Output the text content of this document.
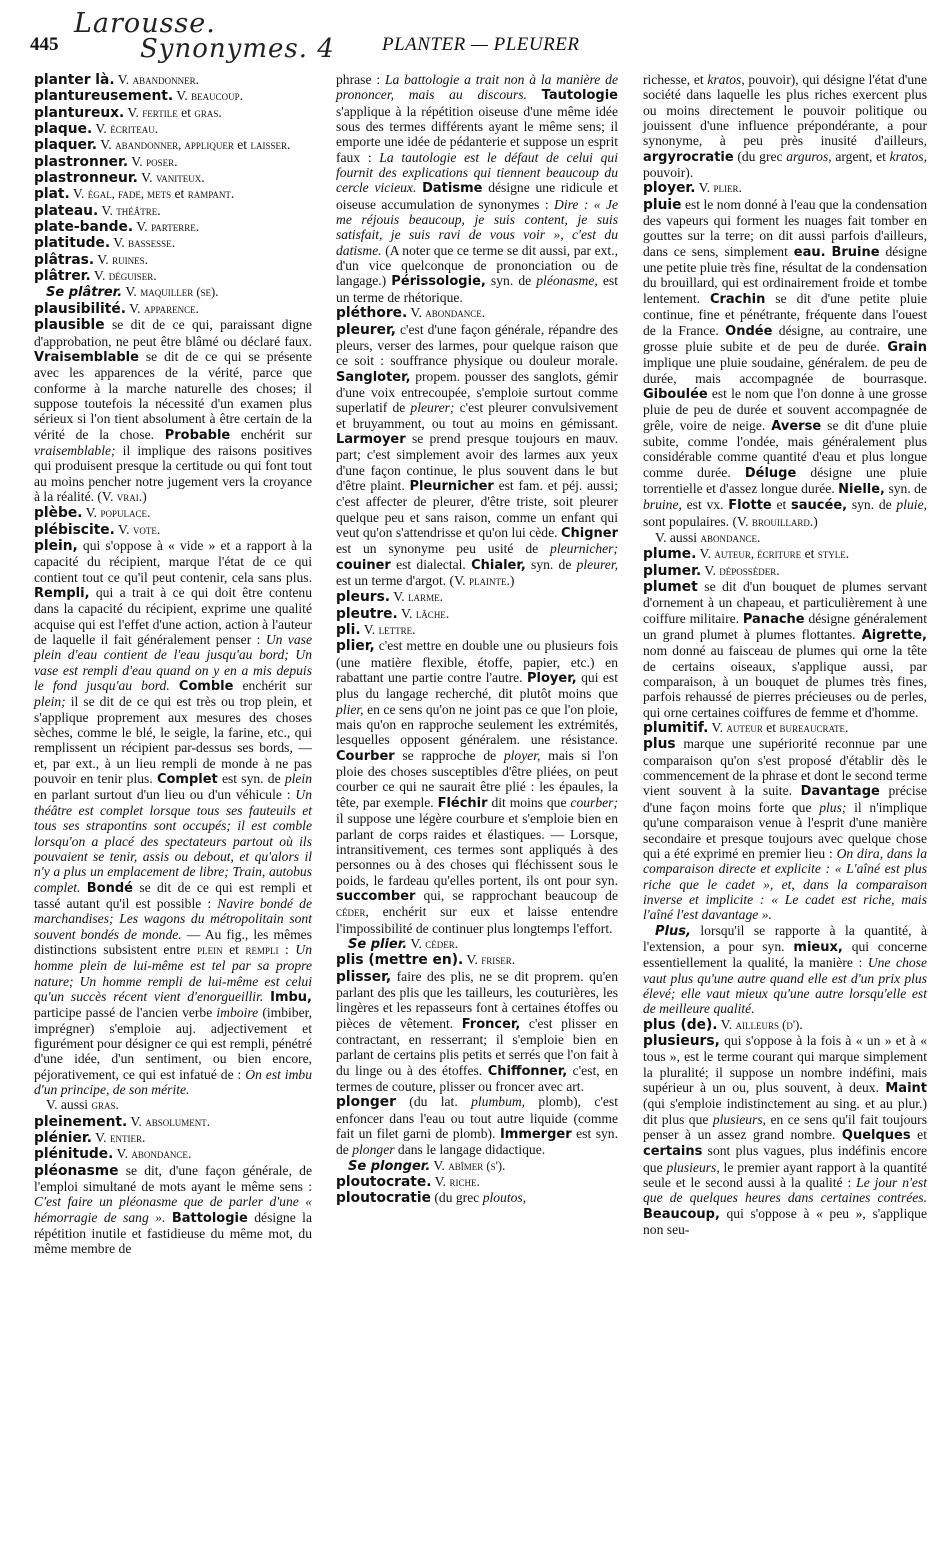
445
Larousse.
Synonymes. 4 PLANTER — PLEURER

planter là. V. abandonner.

plantureusement. V. beaucoup.

plantureux. V. fertile et gras.

plaque. V. écriteau.

plaquer. V. abandonner, appliquer et laisser.

plastronner. V. poser.

plastronneur. V. vaniteux.

plat. V. égal, fade, mets et rampant.

plateau. V. théâtre.

plate-bande. V. parterre.

platitude. V. bassesse.

plâtras. V. ruines.

plâtrer. V. déguiser.

Se plâtrer. V. maquiller (se).

plausibilité. V. apparence.

plausible se dit de ce qui, paraissant digne d'approbation, ne peut être blâmé ou déclaré faux. Vraisemblable se dit de ce qui se présente avec les apparences de la vérité, parce que conforme à la marche naturelle des choses; il suppose toutefois la nécessité d'un examen plus sérieux si l'on tient absolument à être certain de la vérité de la chose. Probable enchérit sur vraisemblable; il implique des raisons positives qui produisent presque la certitude ou qui font tout au moins pencher notre jugement vers la croyance à la réalité. (V. vrai.)

plèbe. V. populace.

plébiscite. V. vote.

plein, qui s'oppose à « vide » et a rapport à la capacité du récipient, marque l'état de ce qui contient tout ce qu'il peut contenir, cela sans plus. Rempli, qui a trait à ce qui doit être contenu dans la capacité du récipient, exprime une qualité acquise qui est l'effet d'une action, action à l'auteur de laquelle il fait généralement penser : Un vase plein d'eau contient de l'eau jusqu'au bord; Un vase est rempli d'eau quand on y en a mis depuis le fond jusqu'au bord. Comble enchérit sur plein; il se dit de ce qui est très ou trop plein, et s'applique proprement aux mesures des choses sèches, comme le blé, le seigle, la farine, etc., qui remplissent un récipient par-dessus ses bords, — et, par ext., à un lieu rempli de monde à ne pas pouvoir en tenir plus. Complet est syn. de plein en parlant surtout d'un lieu ou d'un véhicule : Un théâtre est complet lorsque tous ses fauteuils et tous ses strapontins sont occupés; il est comble lorsqu'on a placé des spectateurs partout où ils pouvaient se tenir, assis ou debout, et qu'alors il n'y a plus un emplacement de libre; Train, autobus complet. Bondé se dit de ce qui est rempli et tassé autant qu'il est possible : Navire bondé de marchandises; Les wagons du métropolitain sont souvent bondés de monde. — Au fig., les mêmes distinctions subsistent entre plein et rempli : Un homme plein de lui-même est tel par sa propre nature; Un homme rempli de lui-même est celui qu'un succès récent vient d'enorgueillir. Imbu, participe passé de l'ancien verbe imboire (imbiber, imprégner) s'emploie auj. adjectivement et figurément pour désigner ce qui est rempli, pénétré d'une idée, d'un sentiment, ou bien encore, péjorativement, ce qui est infatué de : On est imbu d'un principe, de son mérite.

V. aussi gras.

pleinement. V. absolument.

plénier. V. entier.

plénitude. V. abondance.

pléonasme se dit, d'une façon générale, de l'emploi simultané de mots ayant le même sens : C'est faire un pléonasme que de parler d'une « hémorragie de sang ». Battologie désigne la répétition inutile et fastidieuse du même mot, du même membre de

phrase : La battologie a trait non à la manière de prononcer, mais au discours. Tautologie s'applique à la répétition oiseuse d'une même idée sous des termes différents ayant le même sens; il emporte une idée de pédanterie et suppose un esprit faux : La tautologie est le défaut de celui qui fournit des explications qui tiennent beaucoup du cercle vicieux. Datisme désigne une ridicule et oiseuse accumulation de synonymes : Dire : « Je me réjouis beaucoup, je suis content, je suis satisfait, je suis ravi de vous voir », c'est du datisme. (A noter que ce terme se dit aussi, par ext., d'un vice quelconque de prononciation ou de langage.) Périssologie, syn. de pléonasme, est un terme de rhétorique.

pléthore. V. abondance.

pleurer, c'est d'une façon générale, répandre des pleurs, verser des larmes, pour quelque raison que ce soit : souffrance physique ou douleur morale. Sangloter, propem. pousser des sanglots, gémir d'une voix entrecoupée, s'emploie surtout comme superlatif de pleurer; c'est pleurer convulsivement et bruyamment, ou tout au moins en gémissant. Larmoyer se prend presque toujours en mauv. part; c'est simplement avoir des larmes aux yeux d'une façon continue, le plus souvent dans le but d'être plaint. Pleurnicher est fam. et péj. aussi; c'est affecter de pleurer, d'être triste, soit pleurer quelque peu et sans raison, comme un enfant qui veut qu'on s'attendrisse et qu'on lui cède. Chigner est un synonyme peu usité de pleurnicher; couiner est dialectal. Chialer, syn. de pleurer, est un terme d'argot. (V. plainte.)

pleurs. V. larme.

pleutre. V. lâche.

pli. V. lettre.

plier, c'est mettre en double une ou plusieurs fois (une matière flexible, étoffe, papier, etc.) en rabattant une partie contre l'autre. Ployer, qui est plus du langage recherché, dit plutôt moins que plier, en ce sens qu'on ne joint pas ce que l'on ploie, mais qu'on en rapproche seulement les extrémités, lesquelles opposent généralem. une résistance. Courber se rapproche de ployer, mais si l'on ploie des choses susceptibles d'être pliées, on peut courber ce qui ne saurait être plié : les épaules, la tête, par exemple. Fléchir dit moins que courber; il suppose une légère courbure et s'emploie bien en parlant de corps raides et élastiques. — Lorsque, intransitivement, ces termes sont appliqués à des personnes ou à des choses qui fléchissent sous le poids, le fardeau qu'elles portent, ils ont pour syn. succomber qui, se rapprochant beaucoup de céder, enchérit sur eux et laisse entendre l'impossibilité de continuer plus longtemps l'effort.

Se plier. V. céder.

plis (mettre en). V. friser.

plisser, faire des plis, ne se dit proprem. qu'en parlant des plis que les tailleurs, les couturières, les lingères et les repasseurs font à certaines étoffes ou pièces de vêtement. Froncer, c'est plisser en contractant, en resserrant; il s'emploie bien en parlant de certains plis petits et serrés que l'on fait à du linge ou à des étoffes. Chiffonner, c'est, en termes de couture, plisser ou froncer avec art.

plonger (du lat. plumbum, plomb), c'est enfoncer dans l'eau ou tout autre liquide (comme fait un filet garni de plomb). Immerger est syn. de plonger dans le langage didactique.

Se plonger. V. abîmer (s').

ploutocrate. V. riche.

ploutocratie (du grec ploutos,

richesse, et kratos, pouvoir), qui désigne l'état d'une société dans laquelle les plus riches exercent plus ou moins directement le pouvoir politique ou jouissent d'une influence prépondérante, a pour synonyme, à peu près inusité d'ailleurs, argyrocratie (du grec arguros, argent, et kratos, pouvoir).

ployer. V. plier.

pluie est le nom donné à l'eau que la condensation des vapeurs qui forment les nuages fait tomber en gouttes sur la terre; on dit aussi parfois d'ailleurs, dans ce sens, simplement eau. Bruine désigne une petite pluie très fine, résultat de la condensation du brouillard, qui est ordinairement froide et tombe lentement. Crachin se dit d'une petite pluie continue, fine et pénétrante, fréquente dans l'ouest de la France. Ondée désigne, au contraire, une grosse pluie subite et de peu de durée. Grain implique une pluie soudaine, généralem. de peu de durée, mais accompagnée de bourrasque. Giboulée est le nom que l'on donne à une grosse pluie de peu de durée et souvent accompagnée de grêle, voire de neige. Averse se dit d'une pluie subite, comme l'ondée, mais généralement plus considérable comme quantité d'eau et plus longue comme durée. Déluge désigne une pluie torrentielle et d'assez longue durée. Nielle, syn. de bruine, est vx. Flotte et saucée, syn. de pluie, sont populaires. (V. brouillard.)

V. aussi abondance.

plume. V. auteur, écriture et style.

plumer. V. déposséder.

plumet se dit d'un bouquet de plumes servant d'ornement à un chapeau, et particulièrement à une coiffure militaire. Panache désigne généralement un grand plumet à plumes flottantes. Aigrette, nom donné au faisceau de plumes qui orne la tête de certains oiseaux, s'applique aussi, par comparaison, à un bouquet de plumes très fines, parfois rehaussé de pierres précieuses ou de perles, qui orne certaines coiffures de femme et d'homme.

plumitif. V. auteur et bureaucrate.

plus marque une supériorité reconnue par une comparaison qu'on s'est proposé d'établir dès le commencement de la phrase et dont le second terme vient souvent à la suite. Davantage précise d'une façon moins forte que plus; il n'implique qu'une comparaison venue à l'esprit d'une manière secondaire et presque toujours avec quelque chose qui a été exprimé en premier lieu : On dira, dans la comparaison directe et explicite : « L'aîné est plus riche que le cadet », et, dans la comparaison inverse et implicite : « Le cadet est riche, mais l'aîné l'est davantage ».

Plus, lorsqu'il se rapporte à la quantité, à l'extension, a pour syn. mieux, qui concerne essentiellement la qualité, la manière : Une chose vaut plus qu'une autre quand elle est d'un prix plus élevé; elle vaut mieux qu'une autre lorsqu'elle est de meilleure qualité.

plus (de). V. ailleurs (d').

plusieurs, qui s'oppose à la fois à « un » et à « tous », est le terme courant qui marque simplement la pluralité; il suppose un nombre indéfini, mais supérieur à un ou, plus souvent, à deux. Maint (qui s'emploie indistinctement au sing. et au plur.) dit plus que plusieurs, en ce sens qu'il fait toujours penser à un assez grand nombre. Quelques et certains sont plus vagues, plus indéfinis encore que plusieurs, le premier ayant rapport à la quantité seule et le second aussi à la qualité : Le jour n'est que de quelques heures dans certaines contrées. Beaucoup, qui s'oppose à « peu », s'applique non seu-
